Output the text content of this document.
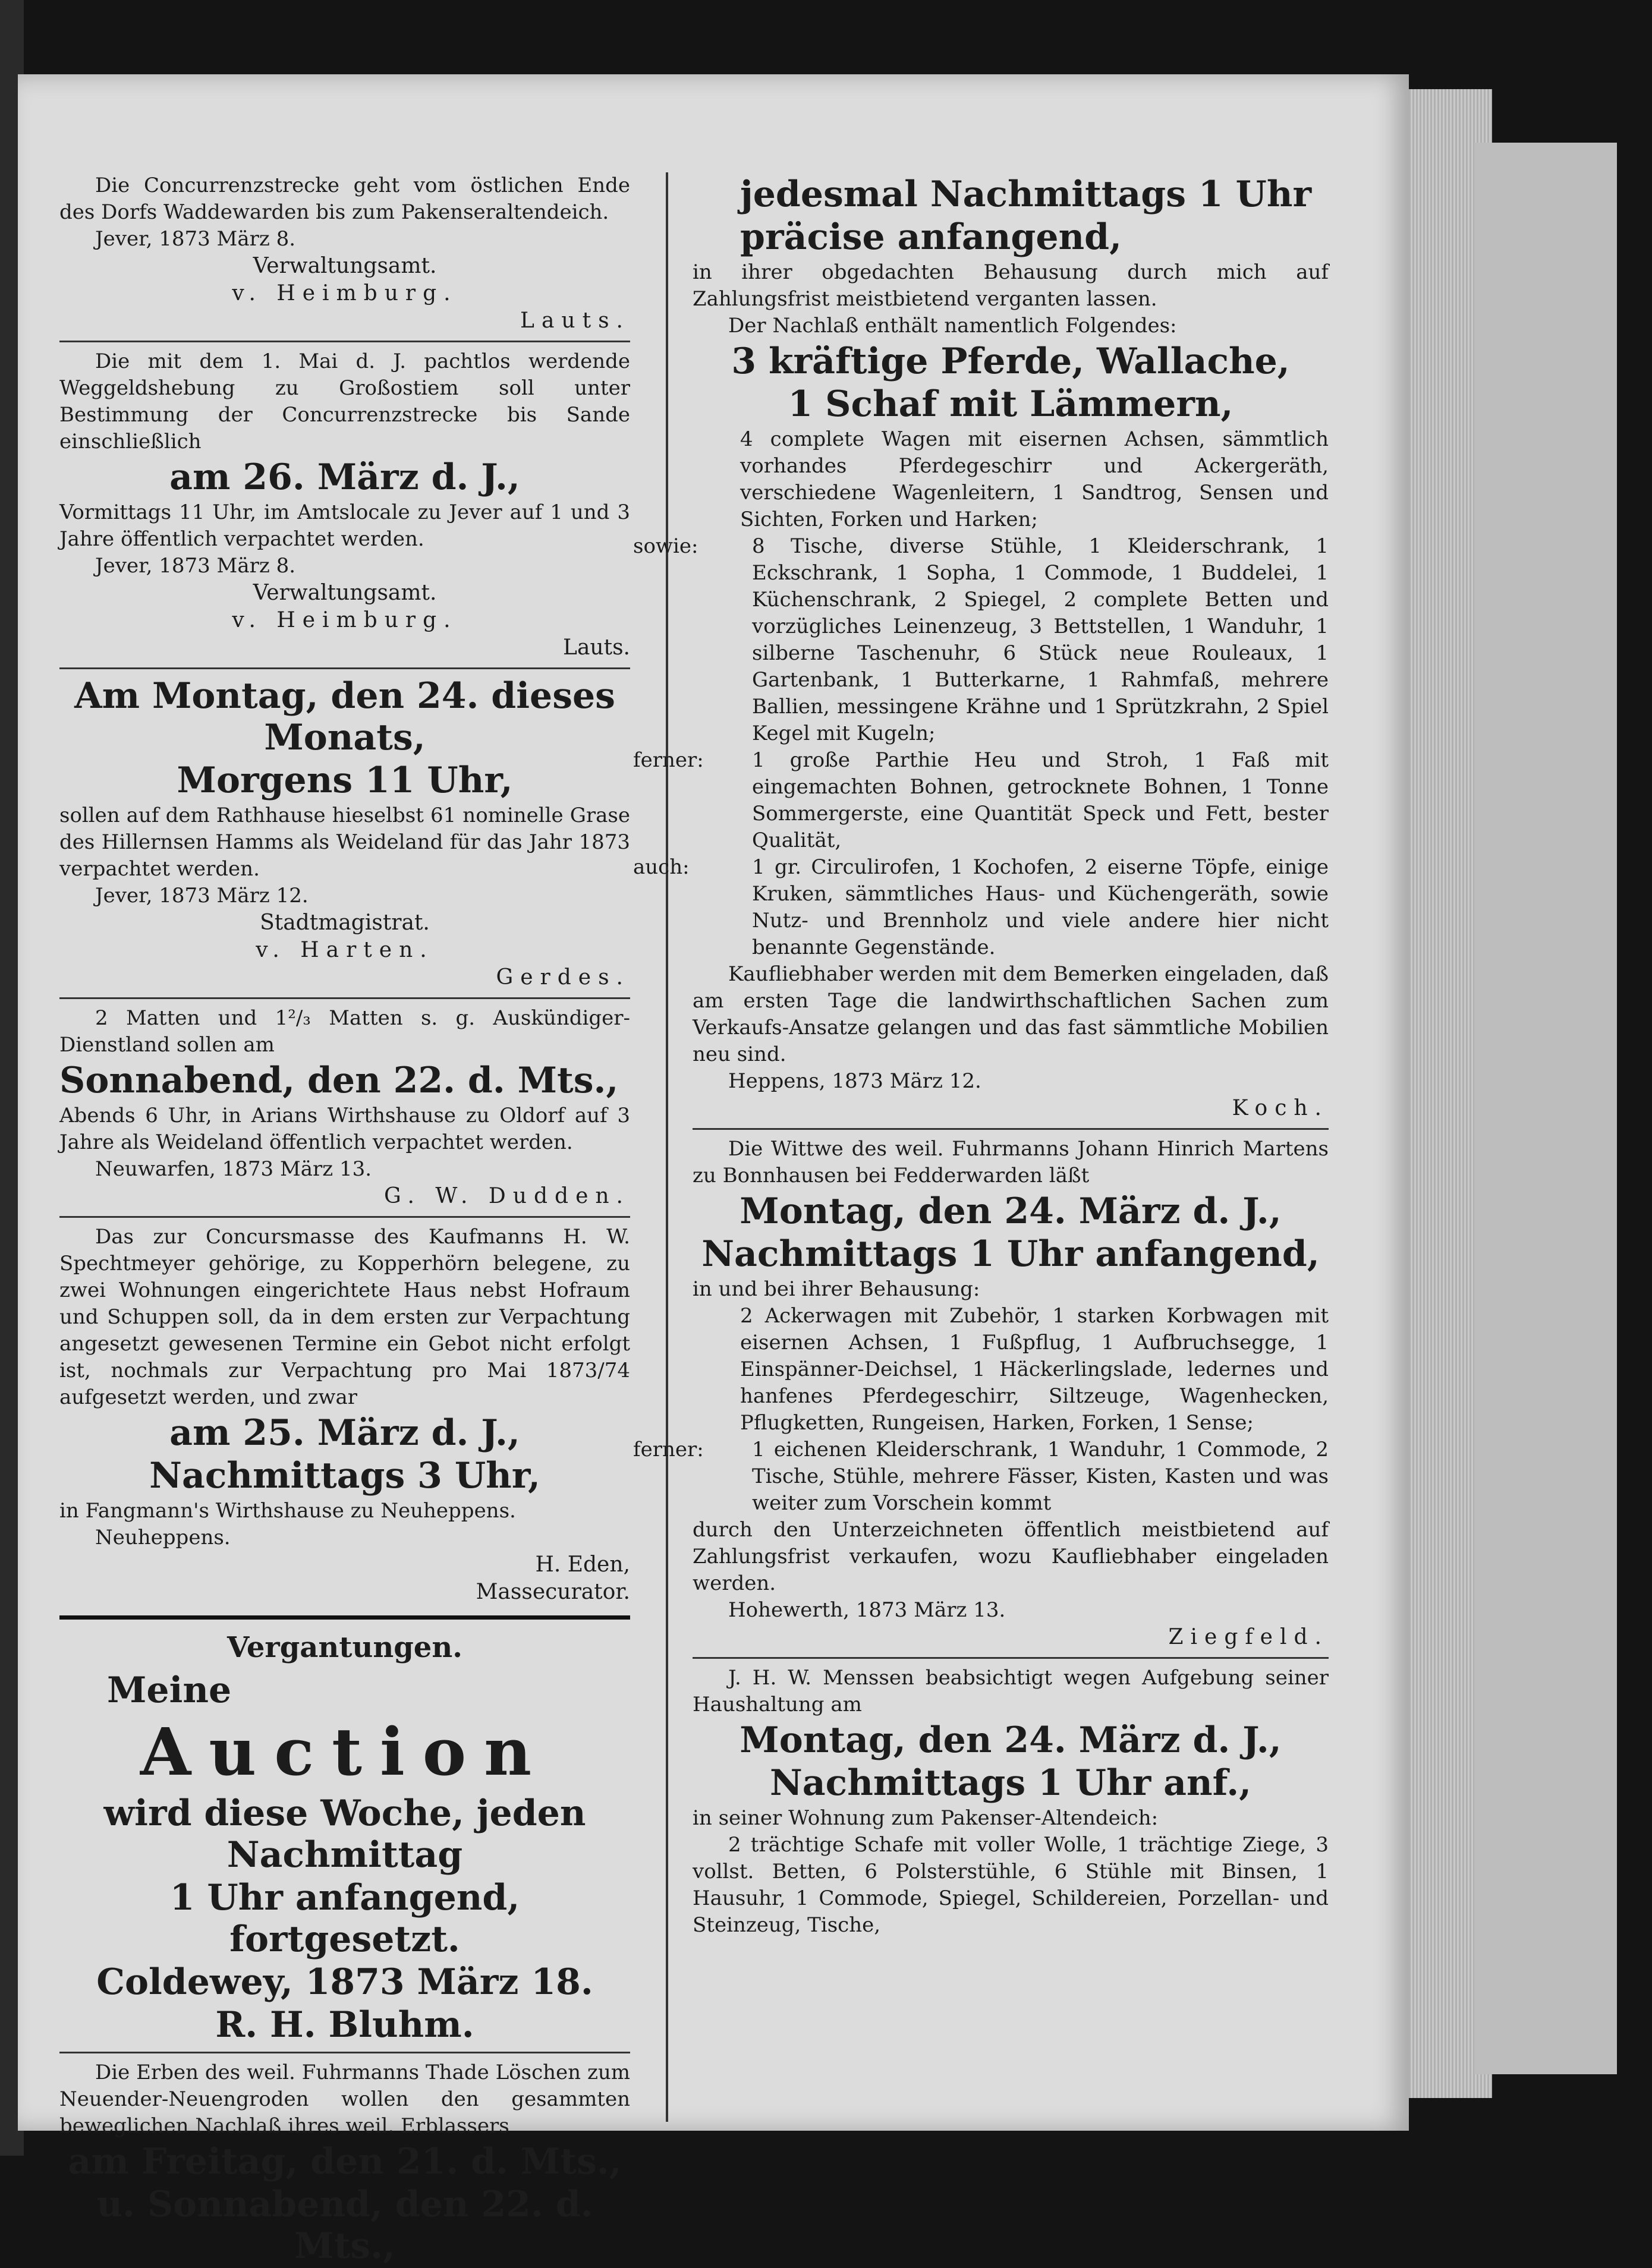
Die Concurrenzstrecke geht vom östlichen Ende des Dorfs Waddewarden bis zum Pakenseraltendeich.

Jever, 1873 März 8.

Verwaltungsamt.

v. Heimburg.

Lauts.

Die mit dem 1. Mai d. J. pachtlos werdende Weggeldshebung zu Großostiem soll unter Bestimmung der Concurrenzstrecke bis Sande einschließlich

am 26. März d. J.,

Vormittags 11 Uhr, im Amtslocale zu Jever auf 1 und 3 Jahre öffentlich verpachtet werden.

Jever, 1873 März 8.

Verwaltungsamt.

v. Heimburg.

Lauts.

Am Montag, den 24. dieses Monats,

Morgens 11 Uhr,

sollen auf dem Rathhause hieselbst 61 nominelle Grase des Hillernsen Hamms als Weideland für das Jahr 1873 verpachtet werden.

Jever, 1873 März 12.

Stadtmagistrat.

v. Harten.

Gerdes.

2 Matten und 1²/₃ Matten s. g. Auskündiger-Dienstland sollen am

Sonnabend, den 22. d. Mts.,

Abends 6 Uhr, in Arians Wirthshause zu Oldorf auf 3 Jahre als Weideland öffentlich verpachtet werden.

Neuwarfen, 1873 März 13.

G. W. Dudden.

Das zur Concursmasse des Kaufmanns H. W. Spechtmeyer gehörige, zu Kopperhörn belegene, zu zwei Wohnungen eingerichtete Haus nebst Hofraum und Schuppen soll, da in dem ersten zur Verpachtung angesetzt gewesenen Termine ein Gebot nicht erfolgt ist, nochmals zur Verpachtung pro Mai 1873/74 aufgesetzt werden, und zwar

am 25. März d. J.,

Nachmittags 3 Uhr,

in Fangmann's Wirthshause zu Neuheppens.

Neuheppens.

H. Eden,

Massecurator.

Vergantungen.

Meine

Auction

wird diese Woche, jeden Nachmittag

1 Uhr anfangend, fortgesetzt.

Coldewey, 1873 März 18.

R. H. Bluhm.

Die Erben des weil. Fuhrmanns Thade Löschen zum Neuender-Neuengroden wollen den gesammten beweglichen Nachlaß ihres weil. Erblassers

am Freitag, den 21. d. Mts.,

u. Sonnabend, den 22. d. Mts.,

jedesmal Nachmittags 1 Uhr

präcise anfangend,

in ihrer obgedachten Behausung durch mich auf Zahlungsfrist meistbietend verganten lassen.

Der Nachlaß enthält namentlich Folgendes:

3 kräftige Pferde, Wallache,

1 Schaf mit Lämmern,

4 complete Wagen mit eisernen Achsen, sämmtlich vorhandes Pferdegeschirr und Ackergeräth, verschiedene Wagenleitern, 1 Sandtrog, Sensen und Sichten, Forken und Harken;

sowie:	8 Tische, diverse Stühle, 1 Kleiderschrank, 1 Eckschrank, 1 Sopha, 1 Commode, 1 Buddelei, 1 Küchenschrank, 2 Spiegel, 2 complete Betten und vorzügliches Leinenzeug, 3 Bettstellen, 1 Wanduhr, 1 silberne Taschenuhr, 6 Stück neue Rouleaux, 1 Gartenbank, 1 Butterkarne, 1 Rahmfaß, mehrere Ballien, messingene Krähne und 1 Sprützkrahn, 2 Spiel Kegel mit Kugeln;

ferner: 1 große Parthie Heu und Stroh, 1 Faß mit eingemachten Bohnen, getrocknete Bohnen, 1 Tonne Sommergerste, eine Quantität Speck und Fett, bester Qualität,

auch:	1 gr. Circulirofen, 1 Kochofen, 2 eiserne Töpfe, einige Kruken, sämmtliches Haus- und Küchengeräth, sowie Nutz- und Brennholz und viele andere hier nicht benannte Gegenstände.

Kaufliebhaber werden mit dem Bemerken eingeladen, daß am ersten Tage die landwirthschaftlichen Sachen zum Verkaufs-Ansatze gelangen und das fast sämmtliche Mobilien neu sind.

Heppens, 1873 März 12.

Koch.

Die Wittwe des weil. Fuhrmanns Johann Hinrich Martens zu Bonnhausen bei Fedderwarden läßt

Montag, den 24. März d. J.,

Nachmittags 1 Uhr anfangend,

in und bei ihrer Behausung:

2 Ackerwagen mit Zubehör, 1 starken Korbwagen mit eisernen Achsen, 1 Fußpflug, 1 Aufbruchsegge, 1 Einspänner-Deichsel, 1 Häckerlingslade, ledernes und hanfenes Pferdegeschirr, Siltzeuge, Wagenhecken, Pflugketten, Rungeisen, Harken, Forken, 1 Sense;

ferner: 1 eichenen Kleiderschrank, 1 Wanduhr, 1 Commode, 2 Tische, Stühle, mehrere Fässer, Kisten, Kasten und was weiter zum Vorschein kommt

durch den Unterzeichneten öffentlich meistbietend auf Zahlungsfrist verkaufen, wozu Kaufliebhaber eingeladen werden.

Hohewerth, 1873 März 13.

Ziegfeld.

J. H. W. Menssen beabsichtigt wegen Aufgebung seiner Haushaltung am

Montag, den 24. März d. J.,

Nachmittags 1 Uhr anf.,

in seiner Wohnung zum Pakenser-Altendeich:

2 trächtige Schafe mit voller Wolle, 1 trächtige Ziege, 3 vollst. Betten, 6 Polsterstühle, 6 Stühle mit Binsen, 1 Hausuhr, 1 Commode, Spiegel, Schildereien, Porzellan- und Steinzeug, Tische,
